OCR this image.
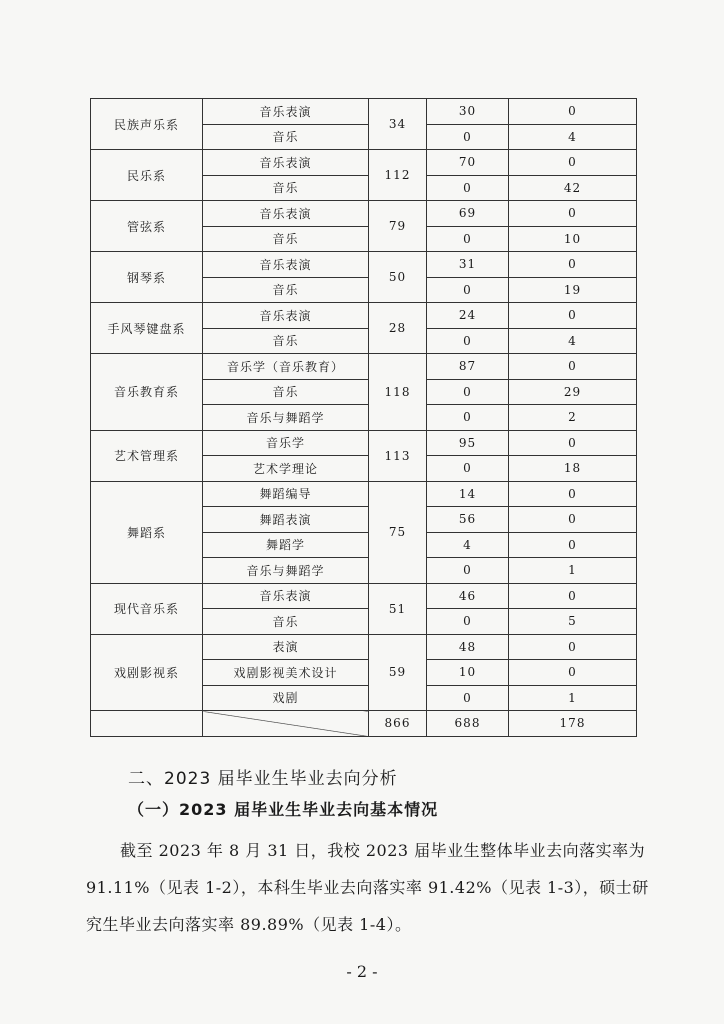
民族声乐系	音乐表演	34	30	0
	音乐		0	4
民乐系	音乐表演	112	70	0
	音乐		0	42
管弦系	音乐表演	79	69	0
	音乐		0	10
钢琴系	音乐表演	50	31	0
	音乐		0	19
手风琴键盘系	音乐表演	28	24	0
	音乐		0	4
音乐教育系	音乐学（音乐教育）	118	87	0
	音乐		0	29
	音乐与舞蹈学		0	2
艺术管理系	音乐学	113	95	0
	艺术学理论		0	18
舞蹈系	舞蹈编导	75	14	0
	舞蹈表演		56	0
	舞蹈学		4	0
	音乐与舞蹈学		0	1
现代音乐系	音乐表演	51	46	0
	音乐		0	5
戏剧影视系	表演	59	48	0
	戏剧影视美术设计		10	0
	戏剧		0	1
		866	688	178
二、2023 届毕业生毕业去向分析
（一）2023 届毕业生毕业去向基本情况
截至 2023 年 8 月 31 日，我校 2023 届毕业生整体毕业去向落实率为 91.11%（见表 1-2），本科生毕业去向落实率 91.42%（见表 1-3），硕士研究生毕业去向落实率 89.89%（见表 1-4）。
- 2 -
